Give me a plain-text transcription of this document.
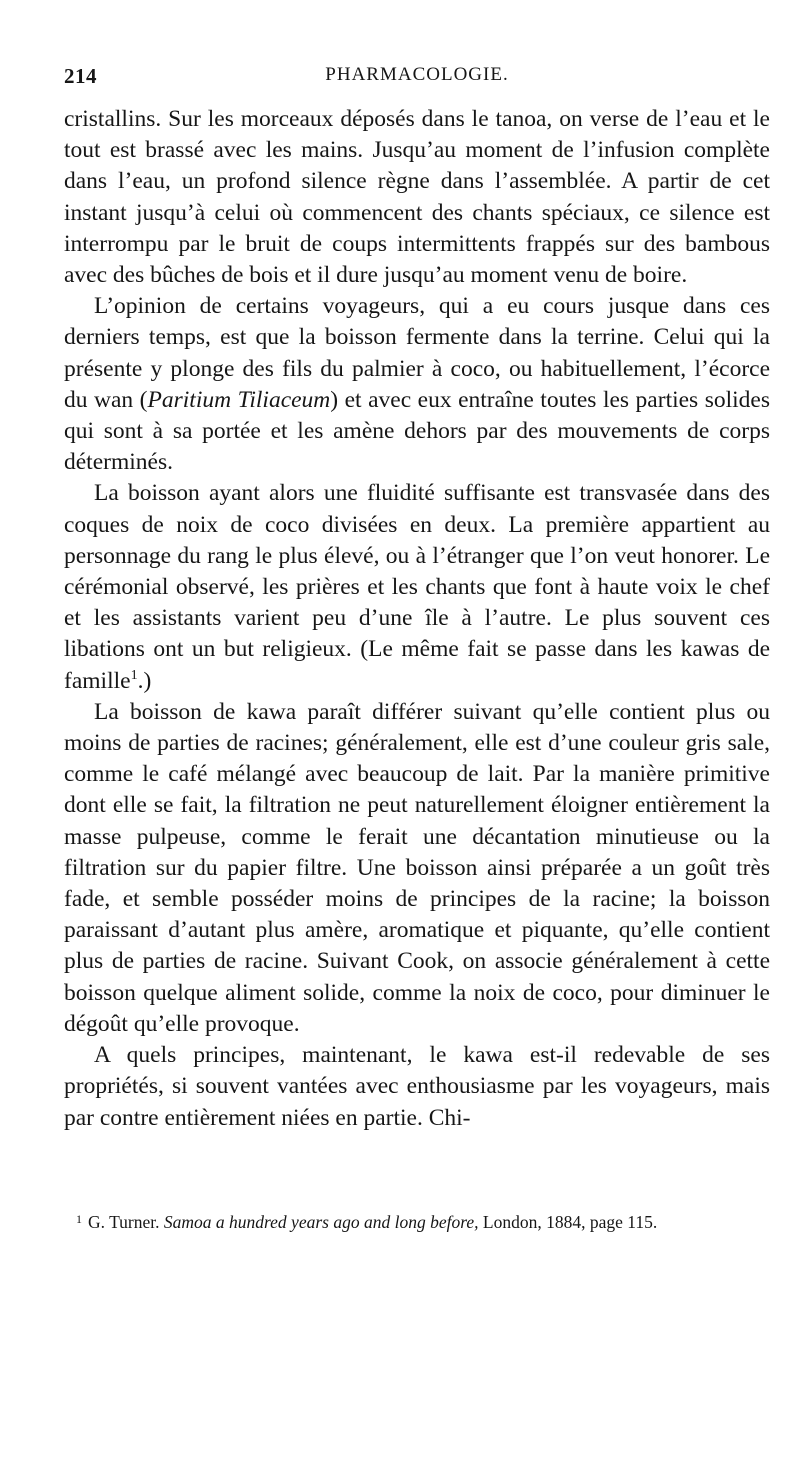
214	PHARMACOLOGIE.

cristallins. Sur les morceaux déposés dans le tanoa, on verse de l’eau et le tout est brassé avec les mains. Jusqu’au moment de l’infusion complète dans l’eau, un profond silence règne dans l’assemblée. A partir de cet instant jusqu’à celui où commencent des chants spéciaux, ce silence est interrompu par le bruit de coups intermittents frappés sur des bambous avec des bûches de bois et il dure jusqu’au moment venu de boire.

L’opinion de certains voyageurs, qui a eu cours jusque dans ces derniers temps, est que la boisson fermente dans la terrine. Celui qui la présente y plonge des fils du palmier à coco, ou habituellement, l’écorce du wan (Paritium Tiliaceum) et avec eux entraîne toutes les parties solides qui sont à sa portée et les amène dehors par des mouvements de corps déterminés.

La boisson ayant alors une fluidité suffisante est transvasée dans des coques de noix de coco divisées en deux. La première appartient au personnage du rang le plus élevé, ou à l’étranger que l’on veut honorer. Le cérémonial observé, les prières et les chants que font à haute voix le chef et les assistants varient peu d’une île à l’autre. Le plus souvent ces libations ont un but religieux. (Le même fait se passe dans les kawas de famille$^1$.)

La boisson de kawa paraît différer suivant qu’elle contient plus ou moins de parties de racines; généralement, elle est d’une couleur gris sale, comme le café mélangé avec beaucoup de lait. Par la manière primitive dont elle se fait, la filtration ne peut naturellement éloigner entièrement la masse pulpeuse, comme le ferait une décantation minutieuse ou la filtration sur du papier filtre. Une boisson ainsi préparée a un goût très fade, et semble posséder moins de principes de la racine; la boisson paraissant d’autant plus amère, aromatique et piquante, qu’elle contient plus de parties de racine. Suivant Cook, on associe généralement à cette boisson quelque aliment solide, comme la noix de coco, pour diminuer le dégoût qu’elle provoque.

A quels principes, maintenant, le kawa est-il redevable de ses propriétés, si souvent vantées avec enthousiasme par les voyageurs, mais par contre entièrement niées en partie. Chi-

$^1$ G. Turner. Samoa a hundred years ago and long before, London, 1884, page 115.
